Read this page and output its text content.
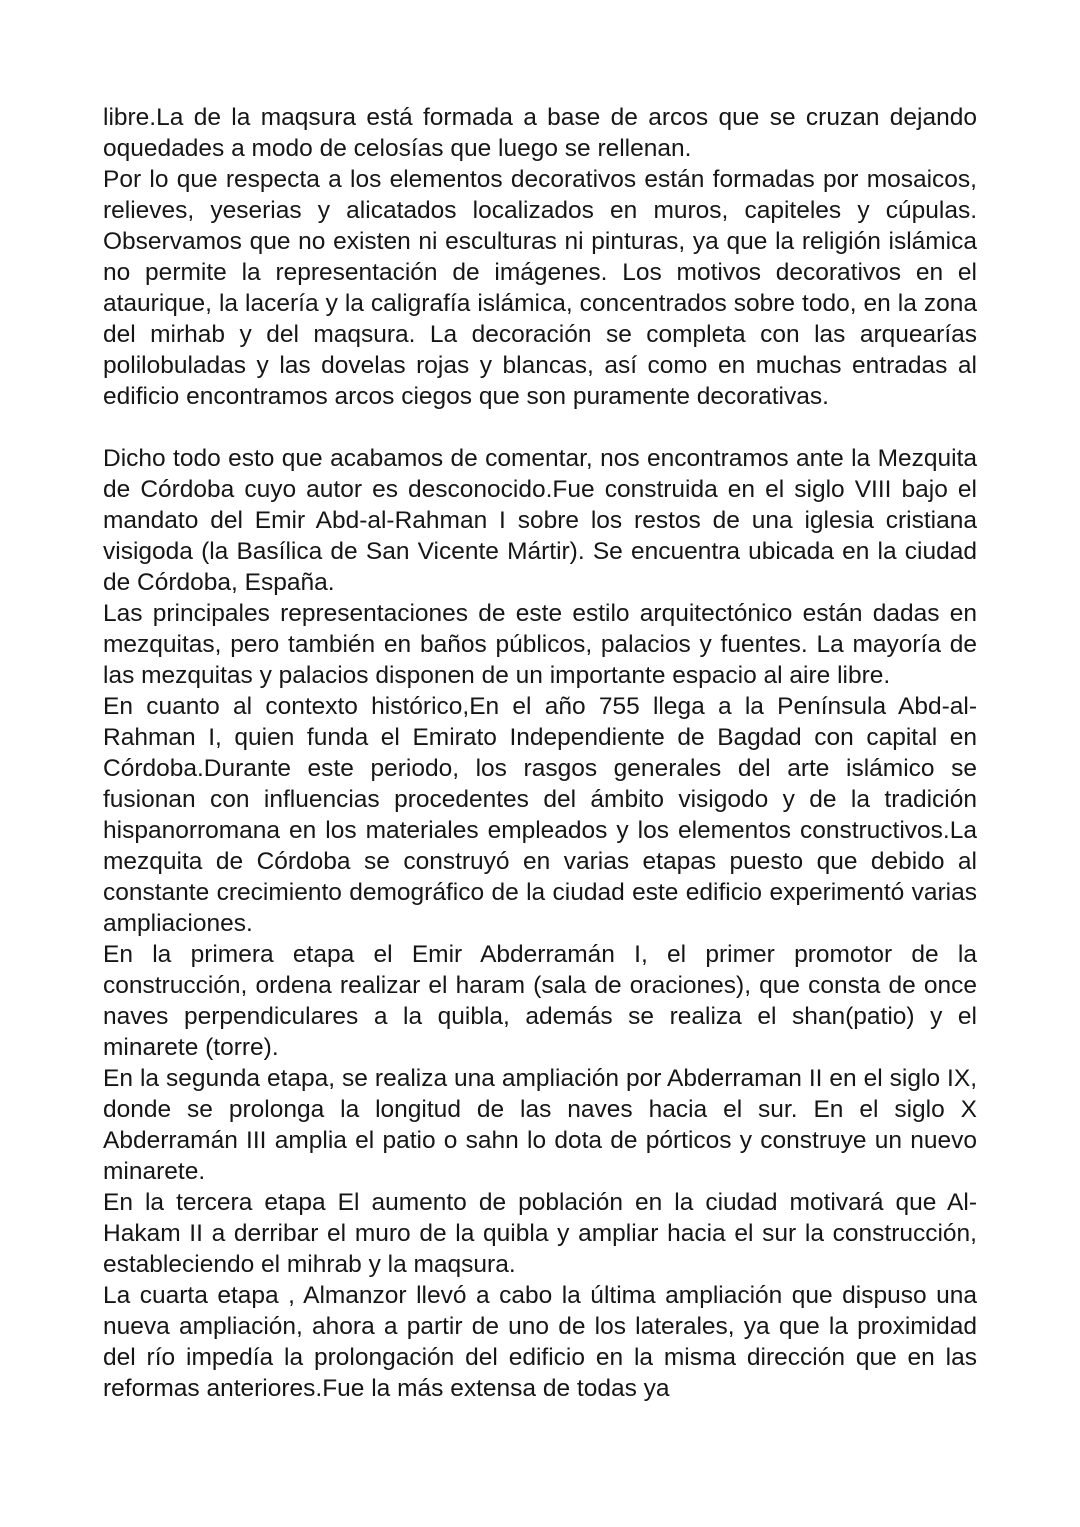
libre.La de la maqsura está formada a base de arcos que se cruzan dejando oquedades a modo de celosías que luego se rellenan.

Por lo que respecta a los elementos decorativos están formadas por mosaicos, relieves, yeserias y alicatados localizados en muros, capiteles y cúpulas. Observamos que no existen ni esculturas ni pinturas, ya que la religión islámica no permite la representación de imágenes. Los motivos decorativos en el ataurique, la lacería y la caligrafía islámica, concentrados sobre todo, en la zona del mirhab y del maqsura. La decoración se completa con las arquearías polilobuladas y las dovelas rojas y blancas, así como en muchas entradas al edificio encontramos arcos ciegos que son puramente decorativas.

Dicho todo esto que acabamos de comentar, nos encontramos ante la Mezquita de Córdoba cuyo autor es desconocido.Fue construida en el siglo VIII bajo el mandato del Emir Abd-al-Rahman I sobre los restos de una iglesia cristiana visigoda (la Basílica de San Vicente Mártir). Se encuentra ubicada en la ciudad de Córdoba, España.

Las principales representaciones de este estilo arquitectónico están dadas en mezquitas, pero también en baños públicos, palacios y fuentes. La mayoría de las mezquitas y palacios disponen de un importante espacio al aire libre.

En cuanto al contexto histórico,En el año 755 llega a la Península Abd-al-Rahman I, quien funda el Emirato Independiente de Bagdad con capital en Córdoba.Durante este periodo, los rasgos generales del arte islámico se fusionan con influencias procedentes del ámbito visigodo y de la tradición hispanorromana en los materiales empleados y los elementos constructivos.La mezquita de Córdoba se construyó en varias etapas puesto que debido al constante crecimiento demográfico de la ciudad este edificio experimentó varias ampliaciones.

En la primera etapa el Emir Abderramán I, el primer promotor de la construcción, ordena realizar el haram (sala de oraciones), que consta de once naves perpendiculares a la quibla, además se realiza el shan(patio) y el minarete (torre).

En la segunda etapa, se realiza una ampliación por Abderraman II en el siglo IX, donde se prolonga la longitud de las naves hacia el sur. En el siglo X Abderramán III amplia el patio o sahn lo dota de pórticos y construye un nuevo minarete.

En la tercera etapa El aumento de población en la ciudad motivará que Al-Hakam II a derribar el muro de la quibla y ampliar hacia el sur la construcción, estableciendo el mihrab y la maqsura.

La cuarta etapa , Almanzor llevó a cabo la última ampliación que dispuso una nueva ampliación, ahora a partir de uno de los laterales, ya que la proximidad del río impedía la prolongación del edificio en la misma dirección que en las reformas anteriores.Fue la más extensa de todas ya
